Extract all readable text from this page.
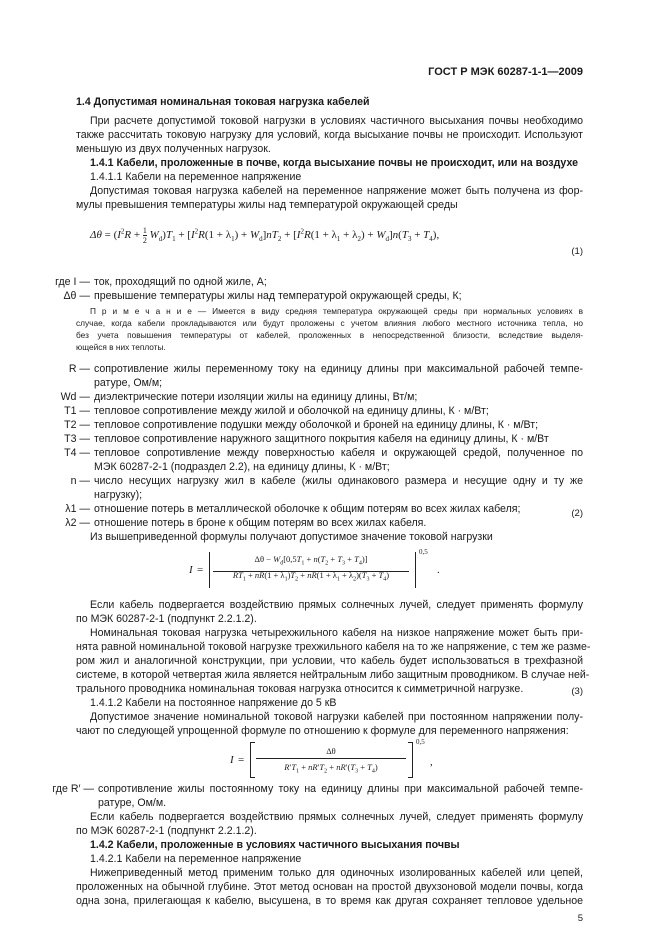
ГОСТ Р МЭК 60287-1-1—2009
1.4 Допустимая номинальная токовая нагрузка кабелей
При расчете допустимой токовой нагрузки в условиях частичного высыхания почвы необходимо
также рассчитать токовую нагрузку для условий, когда высыхание почвы не происходит. Используют
меньшую из двух полученных нагрузок.
1.4.1 Кабели, проложенные в почве, когда высыхание почвы не происходит, или на воздухе
1.4.1.1 Кабели на переменное напряжение
Допустимая токовая нагрузка кабелей на переменное напряжение может быть получена из фор-
мулы превышения температуры жилы над температурой окружающей среды
$\Delta\theta = (I^2R + \frac{1}{2} W_d)T_1 + [I^2R(1 + \lambda_1) + W_d]nT_2 + [I^2R(1 + \lambda_1 + \lambda_2) + W_d]n(T_3 + T_4)$,
(1)
где I — ток, проходящий по одной жиле, А;
Δθ — превышение температуры жилы над температурой окружающей среды, К;
П р и м е ч а н и е — Имеется в виду средняя температура окружающей среды при нормальных условиях в
случае, когда кабели прокладываются или будут проложены с учетом влияния любого местного источника тепла, но
без учета повышения температуры от кабелей, проложенных в непосредственной близости, вследствие выделя-
ющейся в них теплоты.
R — сопротивление жилы переменному току на единицу длины при максимальной рабочей темпе-
ратуре, Ом/м;
Wd — диэлектрические потери изоляции жилы на единицу длины, Вт/м;
T1 — тепловое сопротивление между жилой и оболочкой на единицу длины, К · м/Вт;
T2 — тепловое сопротивление подушки между оболочкой и броней на единицу длины, К · м/Вт;
T3 — тепловое сопротивление наружного защитного покрытия кабеля на единицу длины, К · м/Вт
T4 — тепловое сопротивление между поверхностью кабеля и окружающей средой, полученное по
МЭК 60287-2-1 (подраздел 2.2), на единицу длины, К · м/Вт;
n — число несущих нагрузку жил в кабеле (жилы одинакового размера и несущие одну и ту же
нагрузку);
λ1 — отношение потерь в металлической оболочке к общим потерям во всех жилах кабеля;
λ2 — отношение потерь в броне к общим потерям во всех жилах кабеля.
Из вышеприведенной формулы получают допустимое значение токовой нагрузки
I =
$\Delta\theta - W_d[0,5T_1 + n(T_2 + T_3 + T_4)]$
$RT_1 + nR(1 + \lambda_1)T_2 + nR(1 + \lambda_1 + \lambda_2)(T_3 + T_4)$
0,5
.
(2)
Если кабель подвергается воздействию прямых солнечных лучей, следует применять формулу
по МЭК 60287-2-1 (подпункт 2.2.1.2).
Номинальная токовая нагрузка четырехжильного кабеля на низкое напряжение может быть при-
нята равной номинальной токовой нагрузке трехжильного кабеля на то же напряжение, с тем же разме-
ром жил и аналогичной конструкции, при условии, что кабель будет использоваться в трехфазной
системе, в которой четвертая жила является нейтральным либо защитным проводником. В случае ней-
трального проводника номинальная токовая нагрузка относится к симметричной нагрузке.
1.4.1.2 Кабели на постоянное напряжение до 5 кВ
Допустимое значение номинальной токовой нагрузки кабелей при постоянном напряжении полу-
чают по следующей упрощенной формуле по отношению к формуле для переменного напряжения:
I =
Δθ
$R'T_1 + nR'T_2 + nR'(T_3 + T_4)$
0,5
,
(3)
где R′ — сопротивление жилы постоянному току на единицу длины при максимальной рабочей темпе-
ратуре, Ом/м.
Если кабель подвергается воздействию прямых солнечных лучей, следует применять формулу
по МЭК 60287-2-1 (подпункт 2.2.1.2).
1.4.2 Кабели, проложенные в условиях частичного высыхания почвы
1.4.2.1 Кабели на переменное напряжение
Нижеприведенный метод применим только для одиночных изолированных кабелей или цепей,
проложенных на обычной глубине. Этот метод основан на простой двухзоновой модели почвы, когда
одна зона, прилегающая к кабелю, высушена, в то время как другая сохраняет тепловое удельное
5
